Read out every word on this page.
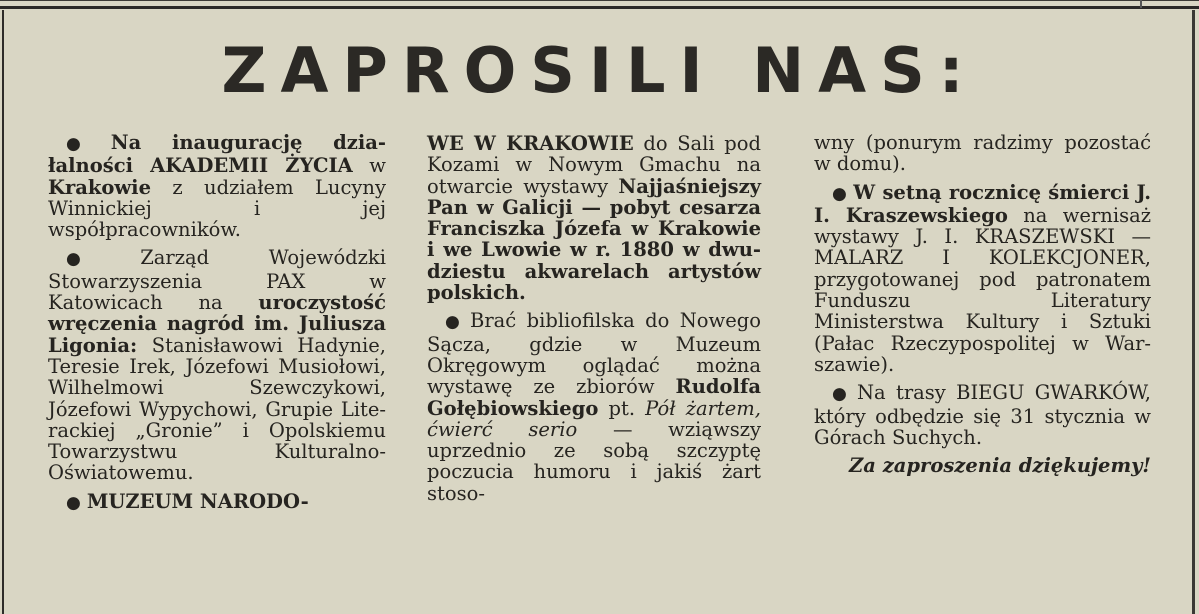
ZAPROSILI NAS:

● Na inaugurację działalności AKADEMII ŻYCIA w Krakowie z udziałem Lucyny Winnickiej i jej współpracowników.

● Zarząd Wojewódzki Stowarzyszenia PAX w Katowicach na uroczystość wręczenia nagród im. Juliusza Ligonia: Stanisławowi Hadynie, Teresie Irek, Józefowi Musiołowi, Wilhelmowi Szewczykowi, Józefowi Wypychowi, Grupie Literackiej „Gronie” i Opolskiemu Towarzystwu Kulturalno-Oświatowemu.

● MUZEUM NARODO-

WE W KRAKOWIE do Sali pod Kozami w Nowym Gmachu na otwarcie wystawy Najjaśniejszy Pan w Galicji — pobyt cesarza Franciszka Józefa w Krakowie i we Lwowie w r. 1880 w dwudziestu akwarelach artystów polskich.

● Brać bibliofilska do Nowego Sącza, gdzie w Muzeum Okręgowym oglądać można wystawę ze zbiorów Rudolfa Gołębiowskiego pt. Pół żartem, ćwierć serio — wziąwszy uprzednio ze sobą szczyptę poczucia humoru i jakiś żart stoso-

wny (ponurym radzimy pozostać w domu).

● W setną rocznicę śmierci J. I. Kraszewskiego na wernisaż wystawy J. I. KRASZEWSKI — MALARZ I KOLEKCJONER, przygotowanej pod patronatem Funduszu Literatury Ministerstwa Kultury i Sztuki (Pałac Rzeczypospolitej w Warszawie).

● Na trasy BIEGU GWARKÓW, który odbędzie się 31 stycznia w Górach Suchych.

Za zaproszenia dziękujemy!
